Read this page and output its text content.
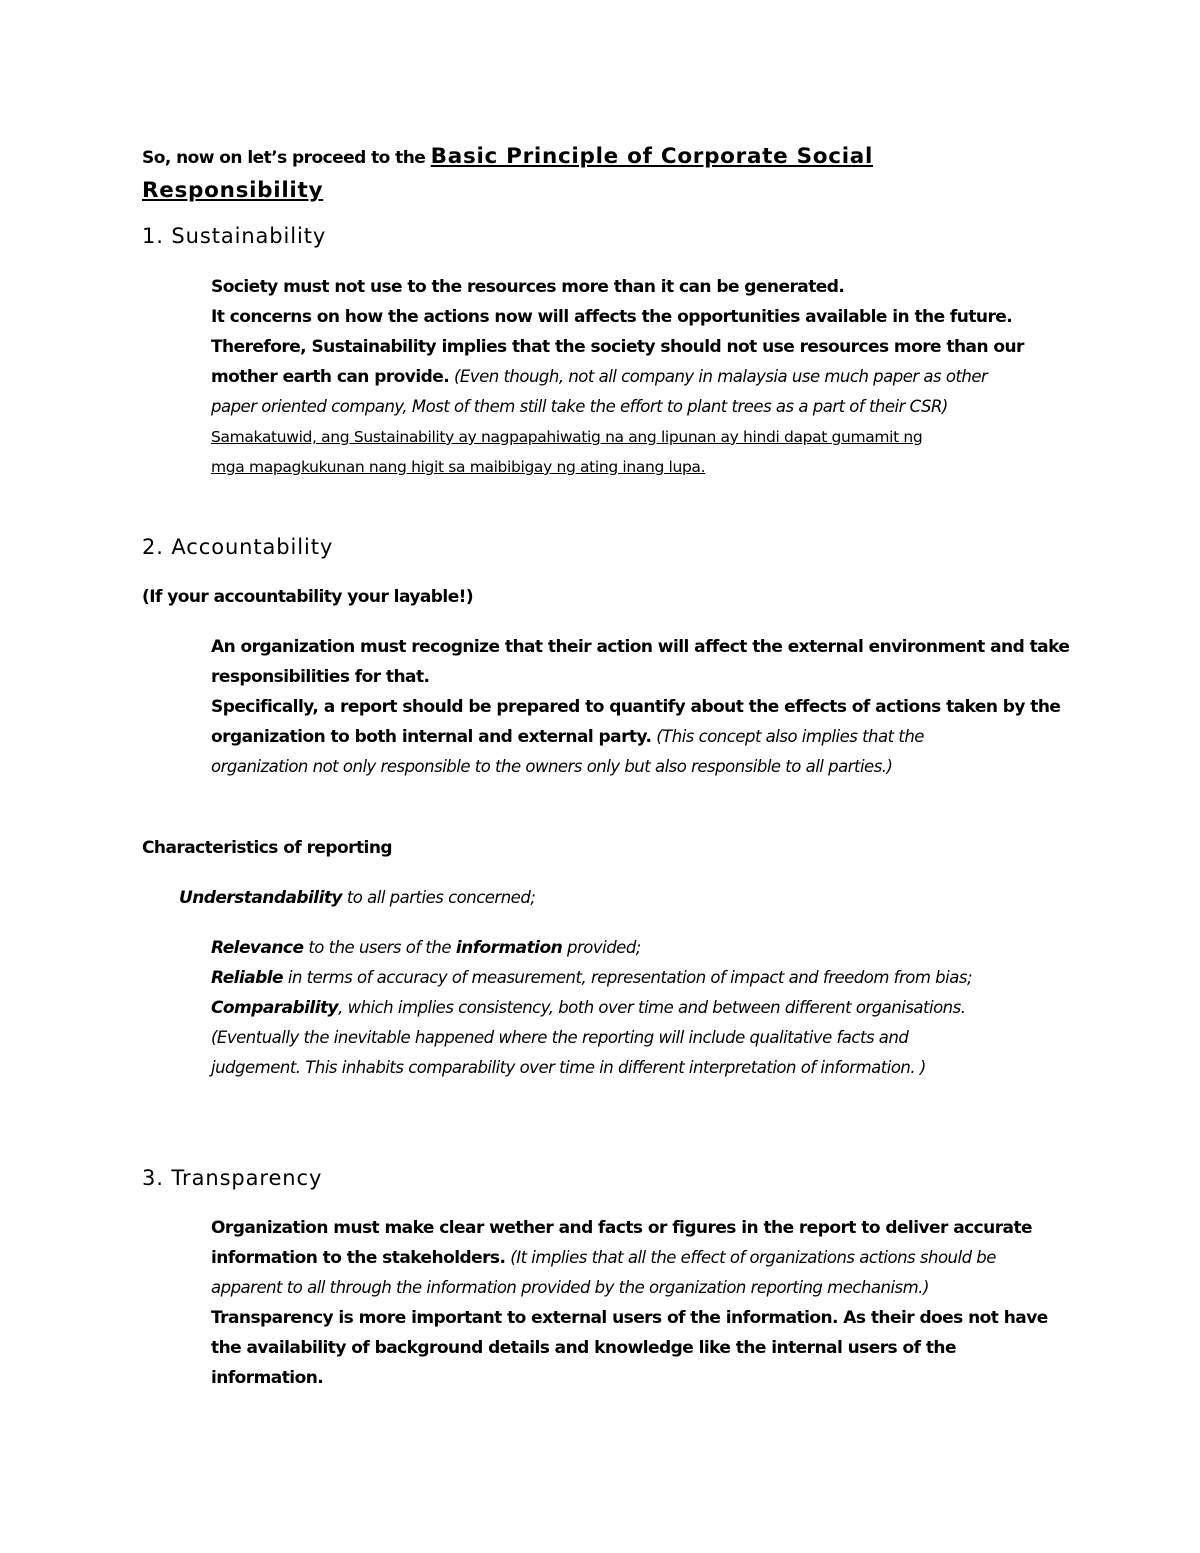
So, now on let’s proceed to the Basic Principle of Corporate Social
Responsibility
1. Sustainability
Society must not use to the resources more than it can be generated.
It concerns on how the actions now will affects the opportunities available in the future.
Therefore, Sustainability implies that the society should not use resources more than our
mother earth can provide. (Even though, not all company in malaysia use much paper as other
paper oriented company, Most of them still take the effort to plant trees as a part of their CSR)
Samakatuwid, ang Sustainability ay nagpapahiwatig na ang lipunan ay hindi dapat gumamit ng
mga mapagkukunan nang higit sa maibibigay ng ating inang lupa.
2. Accountability
(If your accountability your layable!)
An organization must recognize that their action will affect the external environment and take
responsibilities for that.
Specifically, a report should be prepared to quantify about the effects of actions taken by the
organization to both internal and external party. (This concept also implies that the
organization not only responsible to the owners only but also responsible to all parties.)
Characteristics of reporting
Understandability to all parties concerned;
Relevance to the users of the information provided;
Reliable in terms of accuracy of measurement, representation of impact and freedom from bias;
Comparability, which implies consistency, both over time and between different organisations.
(Eventually the inevitable happened where the reporting will include qualitative facts and
judgement. This inhabits comparability over time in different interpretation of information. )
3. Transparency
Organization must make clear wether and facts or figures in the report to deliver accurate
information to the stakeholders. (It implies that all the effect of organizations actions should be
apparent to all through the information provided by the organization reporting mechanism.)
Transparency is more important to external users of the information. As their does not have
the availability of background details and knowledge like the internal users of the
information.
